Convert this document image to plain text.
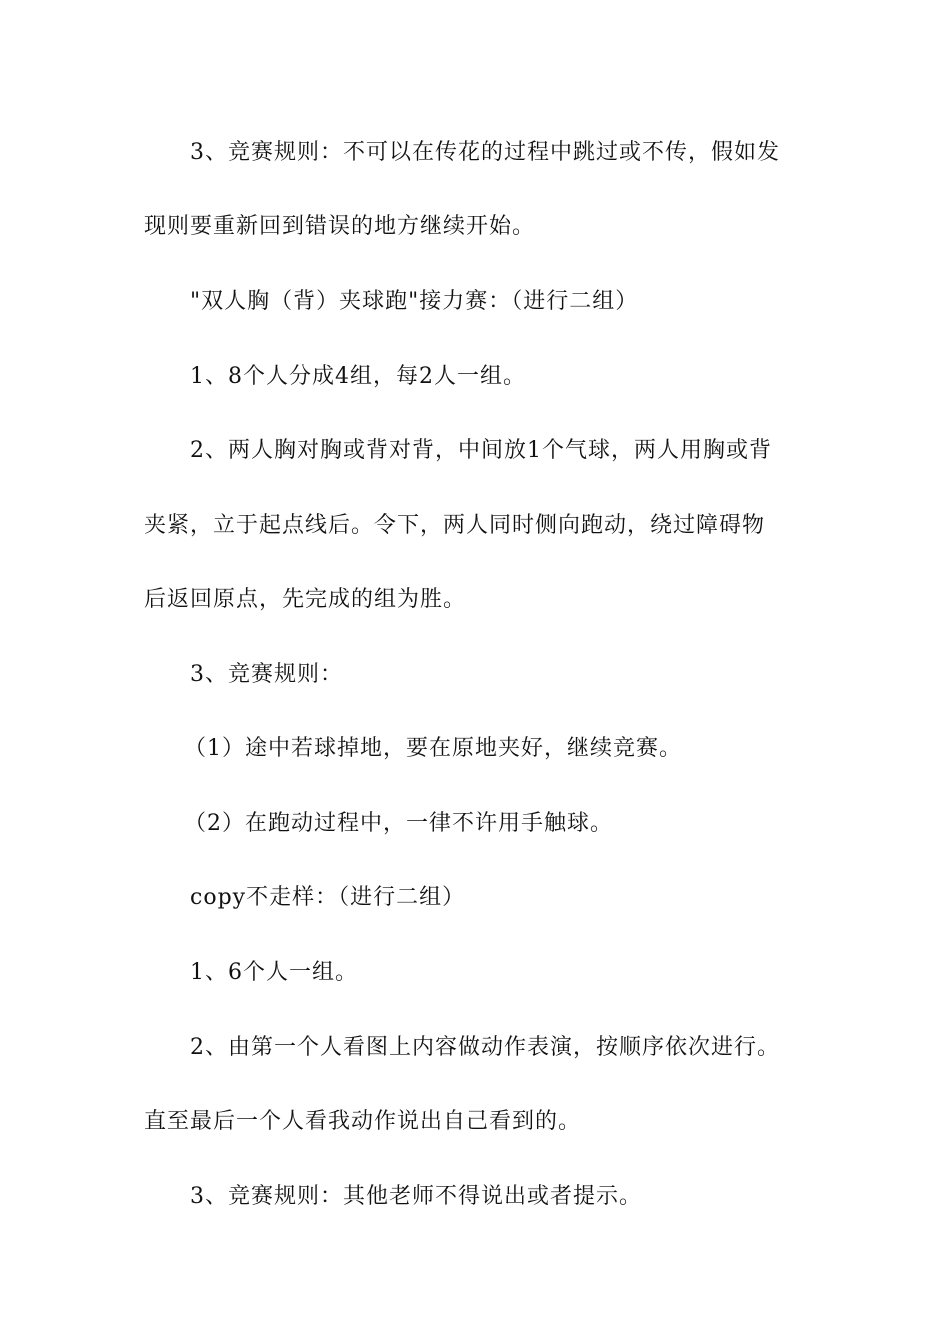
3、竞赛规则：不可以在传花的过程中跳过或不传，假如发
现则要重新回到错误的地方继续开始。
"双人胸（背）夹球跑"接力赛：（进行二组）
1、8个人分成4组，每2人一组。
2、两人胸对胸或背对背，中间放1个气球，两人用胸或背
夹紧，立于起点线后。令下，两人同时侧向跑动，绕过障碍物
后返回原点，先完成的组为胜。
3、竞赛规则：
（1）途中若球掉地，要在原地夹好，继续竞赛。
（2）在跑动过程中，一律不许用手触球。
copy不走样：（进行二组）
1、6个人一组。
2、由第一个人看图上内容做动作表演，按顺序依次进行。
直至最后一个人看我动作说出自己看到的。
3、竞赛规则：其他老师不得说出或者提示。
